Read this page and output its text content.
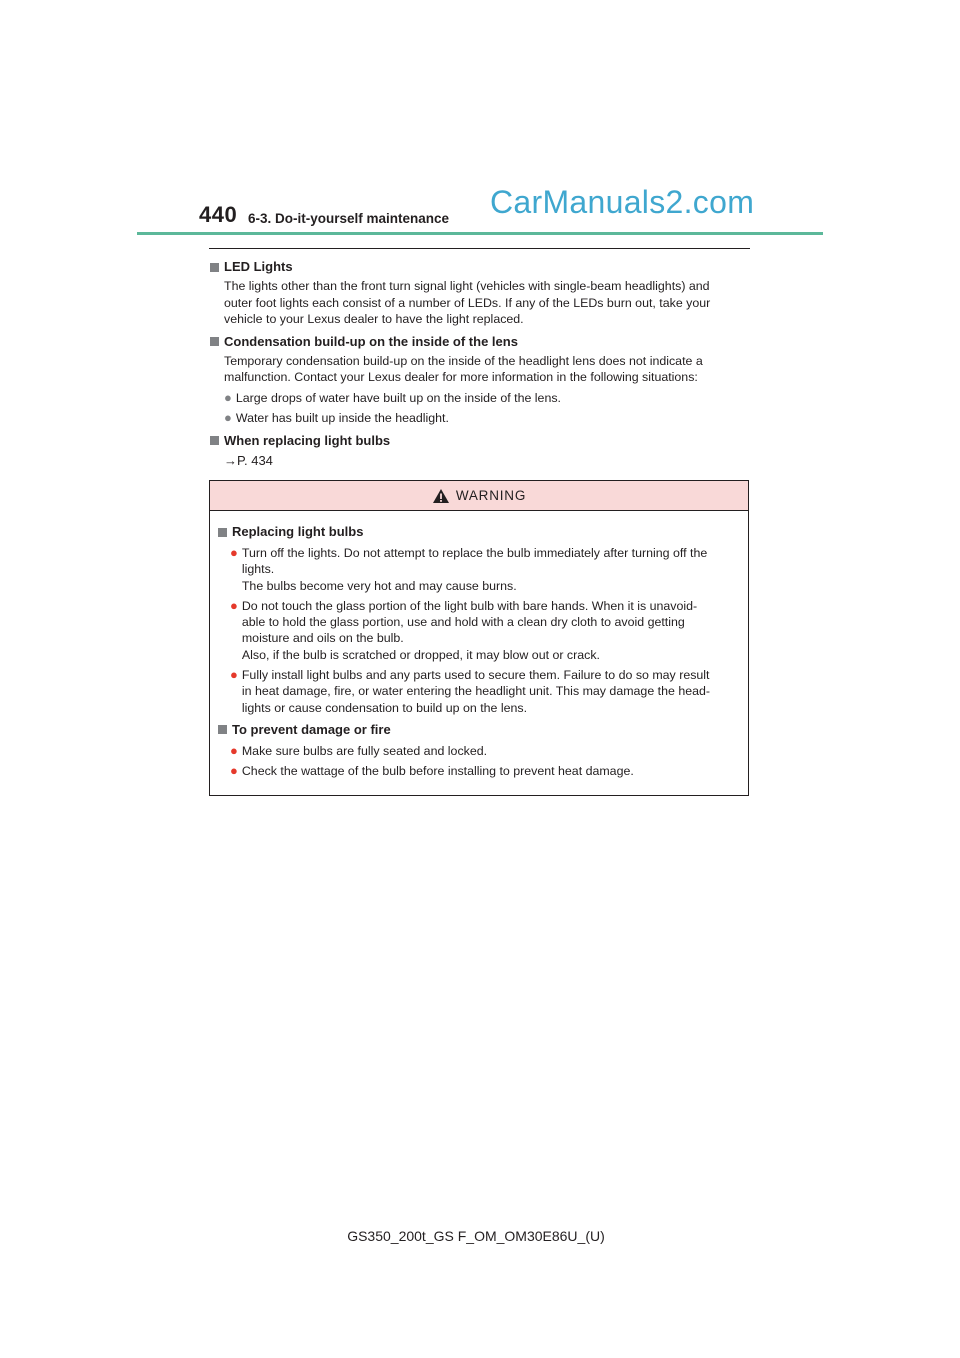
440 6-3. Do-it-yourself maintenance CarManuals2.com
LED Lights
The lights other than the front turn signal light (vehicles with single-beam headlights) and
outer foot lights each consist of a number of LEDs. If any of the LEDs burn out, take your
vehicle to your Lexus dealer to have the light replaced.
Condensation build-up on the inside of the lens
Temporary condensation build-up on the inside of the headlight lens does not indicate a
malfunction. Contact your Lexus dealer for more information in the following situations:
● Large drops of water have built up on the inside of the lens.
● Water has built up inside the headlight.
When replacing light bulbs
→P. 434
WARNING
Replacing light bulbs
● Turn off the lights. Do not attempt to replace the bulb immediately after turning off the
lights.
The bulbs become very hot and may cause burns.
● Do not touch the glass portion of the light bulb with bare hands. When it is unavoid-
able to hold the glass portion, use and hold with a clean dry cloth to avoid getting
moisture and oils on the bulb.
Also, if the bulb is scratched or dropped, it may blow out or crack.
● Fully install light bulbs and any parts used to secure them. Failure to do so may result
in heat damage, fire, or water entering the headlight unit. This may damage the head-
lights or cause condensation to build up on the lens.
To prevent damage or fire
● Make sure bulbs are fully seated and locked.
● Check the wattage of the bulb before installing to prevent heat damage.
GS350_200t_GS F_OM_OM30E86U_(U)
